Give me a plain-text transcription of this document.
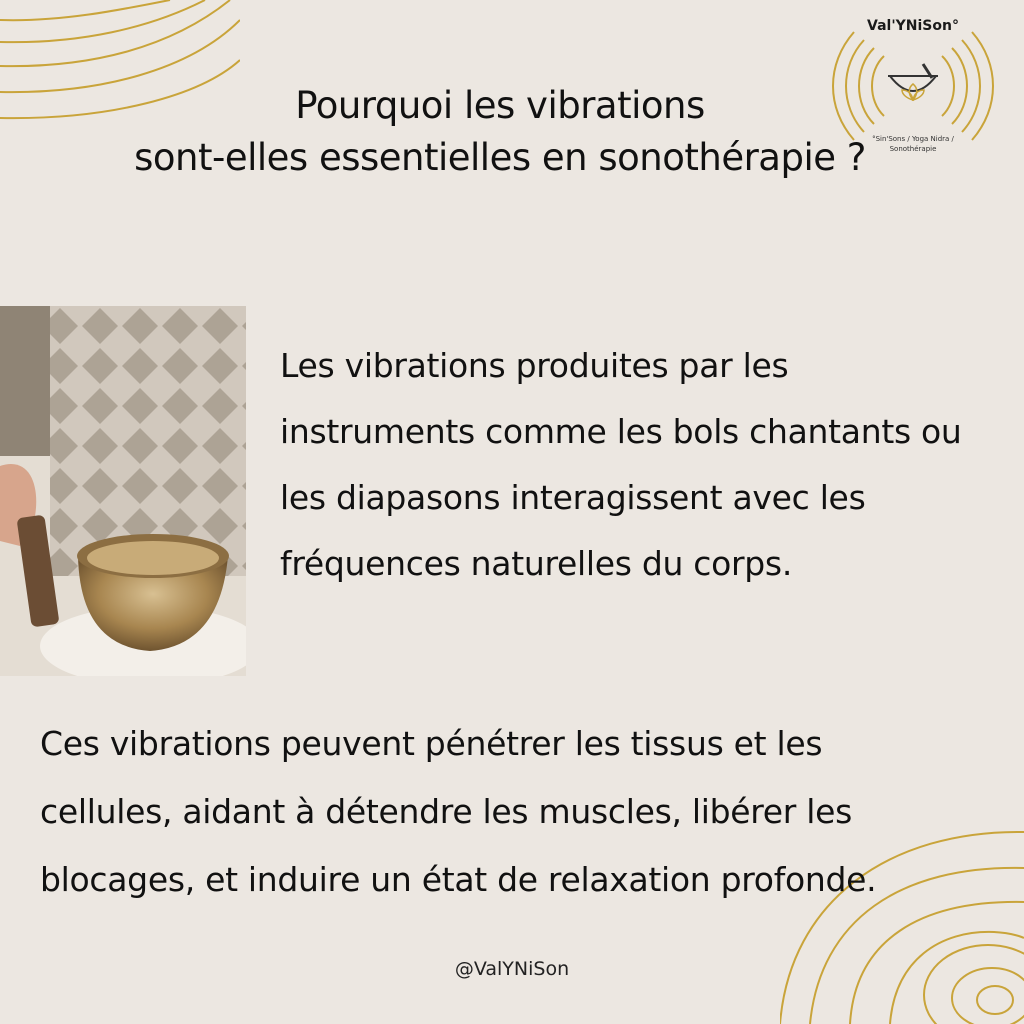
Val'YNiSon°
°Sin'Sons / Yoga Nidra / Sonothérapie
Pourquoi les vibrations
sont-elles essentielles en sonothérapie ?
Les vibrations produites par les
instruments comme les bols chantants ou
les diapasons interagissent avec les
fréquences naturelles du corps.
Ces vibrations peuvent pénétrer les tissus et les
cellules, aidant à détendre les muscles, libérer les
blocages, et induire un état de relaxation profonde.
@ValYNiSon
